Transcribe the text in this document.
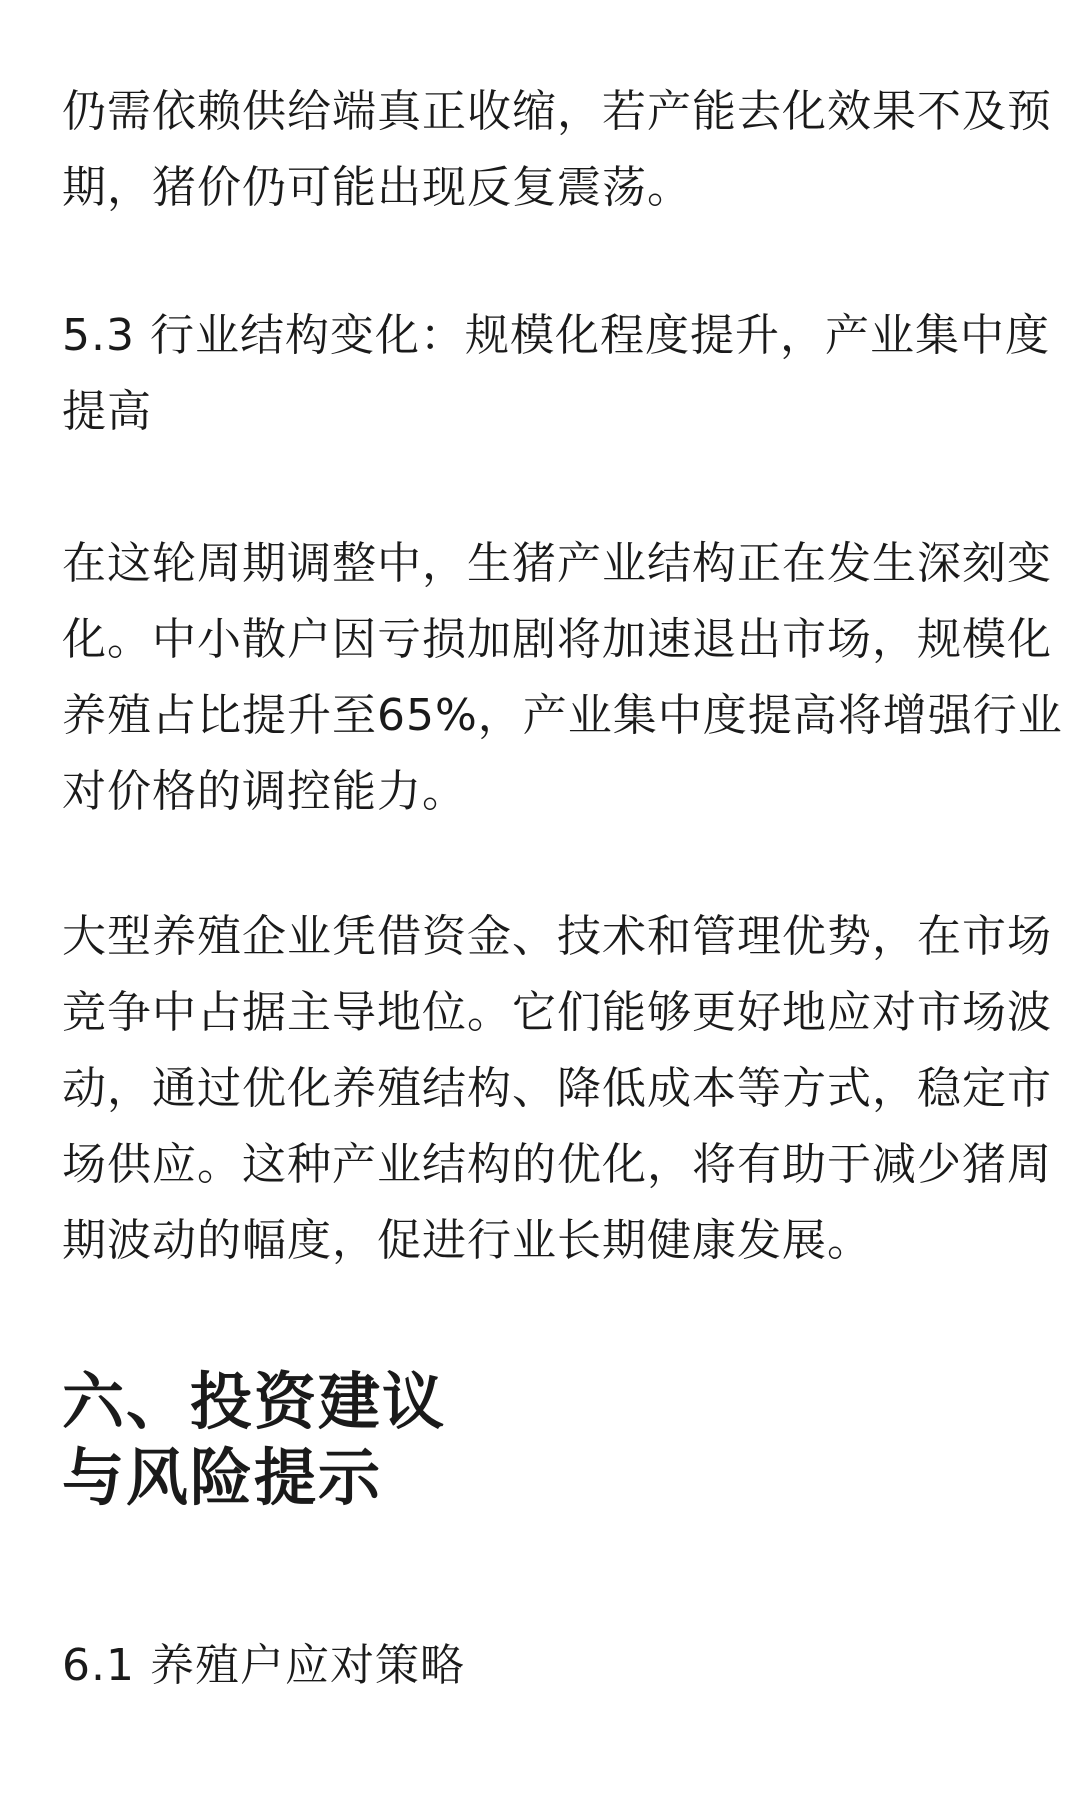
仍需依赖供给端真正收缩，若产能去化效果不及预
期，猪价仍可能出现反复震荡。

5.3 行业结构变化：规模化程度提升，产业集中度
提高

在这轮周期调整中，生猪产业结构正在发生深刻变
化。中小散户因亏损加剧将加速退出市场，规模化
养殖占比提升至65%，产业集中度提高将增强行业
对价格的调控能力。

大型养殖企业凭借资金、技术和管理优势，在市场
竞争中占据主导地位。它们能够更好地应对市场波
动，通过优化养殖结构、降低成本等方式，稳定市
场供应。这种产业结构的优化，将有助于减少猪周
期波动的幅度，促进行业长期健康发展。

六、投资建议
与风险提示

6.1 养殖户应对策略
